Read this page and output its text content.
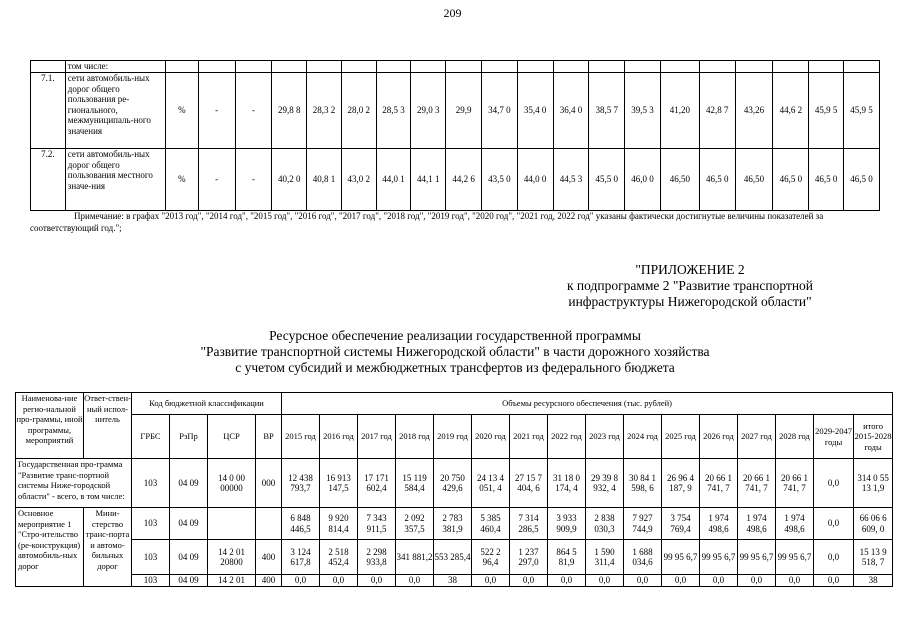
209
	том числе:																				
7.1.	сети автомобиль-ных дорог общего пользования ре-гионального, межмуниципаль-ного значения	%	-	-	29,8 8	28,3 2	28,0 2	28,5 3	29,0 3	29,9	34,7 0	35,4 0	36,4 0	38,5 7	39,5 3	41,20	42,8 7	43,26	44,6 2	45,9 5	45,9 5
7.2.	сети автомобиль-ных дорог общего пользования местного значе-ния	%	-	-	40,2 0	40,8 1	43,0 2	44,0 1	44,1 1	44,2 6	43,5 0	44,0 0	44,5 3	45,5 0	46,0 0	46,50	46,5 0	46,50	46,5 0	46,5 0	46,5 0
Примечание: в графах "2013 год", "2014 год", "2015 год", "2016 год", "2017 год", "2018 год", "2019 год", "2020 год", "2021 год, 2022 год" указаны фактически достигнутые величины показателей за соответствующий год.";
"ПРИЛОЖЕНИЕ 2
к подпрограмме 2 "Развитие транспортной
инфраструктуры Нижегородской области"
Ресурсное обеспечение реализации государственной программы
"Развитие транспортной системы Нижегородской области" в части дорожного хозяйства
с учетом субсидий и межбюджетных трансфертов из федерального бюджета
Наименова-ние регио-нальной про-граммы, иной программы, мероприятий	Ответ-ствен-ный испол-нитель	Код бюджетной классификации				Объемы ресурсного обеспечения (тыс. рублей)															
		ГРБС	РзПр	ЦСР	ВР	2015 год	2016 год	2017 год	2018 год	2019 год	2020 год	2021 год	2022 год	2023 год	2024 год	2025 год	2026 год	2027 год	2028 год	2029-2047 годы	итого 2015-2028 годы
Государственная про-грамма "Развитие транс-портной системы Ниже-городской области" - всего, в том числе:		103	04 09	14 0 00 00000	000	12 438 793,7	16 913 147,5	17 171 602,4	15 119 584,4	20 750 429,6	24 13 4 051, 4	27 15 7 404, 6	31 18 0 174, 4	29 39 8 932, 4	30 84 1 598, 6	26 96 4 187, 9	20 66 1 741, 7	20 66 1 741, 7	20 66 1 741, 7	0,0	314 0 55 13 1,9
Основное мероприятие 1 "Стро-ительство (ре-конструкция) автомобиль-ных дорог	Мини-стерство транс-порта и автомо-бильных дорог	103	04 09			6 848 446,5	9 920 814,4	7 343 911,5	2 092 357,5	2 783 381,9	5 385 460,4	7 314 286,5	3 933 909,9	2 838 030,3	7 927 744,9	3 754 769,4	1 974 498,6	1 974 498,6	1 974 498,6	0,0	66 06 6 609, 0
		103	04 09	14 2 01 20800	400	3 124 617,8	2 518 452,4	2 298 933,8	341 881,2	553 285,4	522 2 96,4	1 237 297,0	864 5 81,9	1 590 311,4	1 688 034,6	99 95 6,7	99 95 6,7	99 95 6,7	99 95 6,7	0,0	15 13 9 518, 7
		103	04 09	14 2 01	400	0,0	0,0	0,0	0,0	38	0,0	0,0	0,0	0,0	0,0	0,0	0,0	0,0	0,0	0,0	38
